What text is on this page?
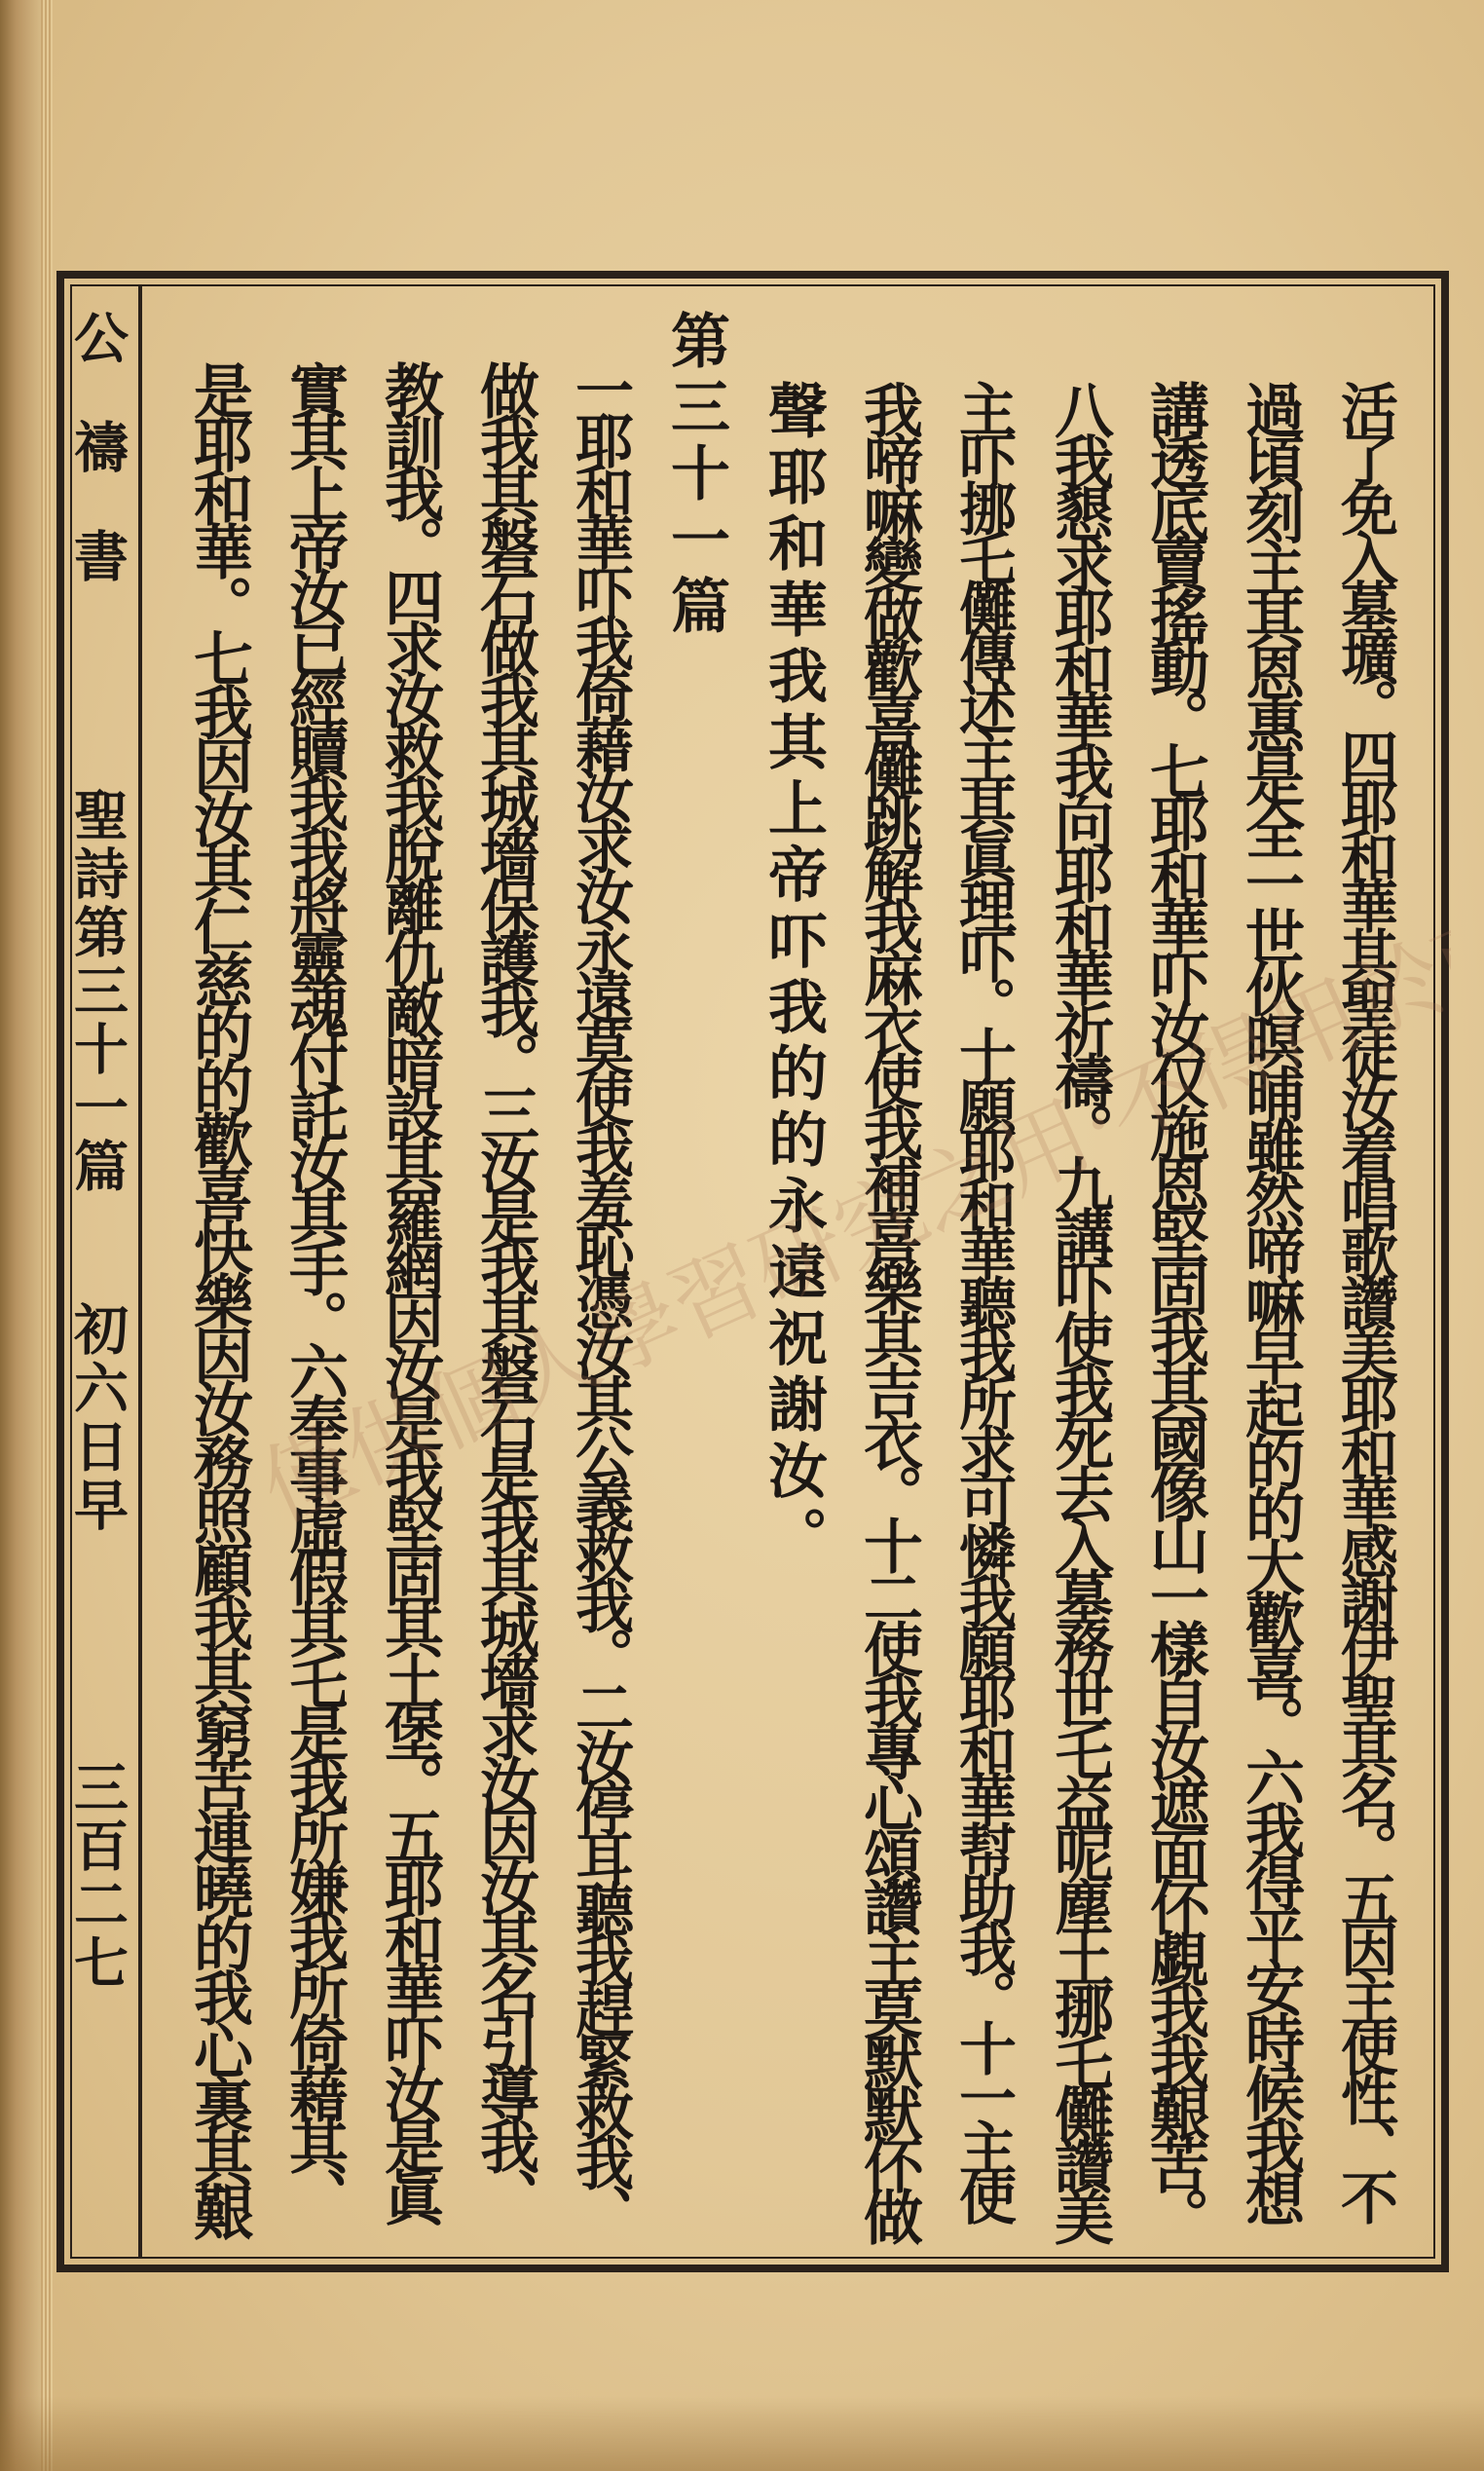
公禱書
聖詩第三十一篇
初六日早
三百二七	活了免入墓壙。四耶和華其聖徒汝着唱歌讚美耶和華感謝伊聖其名。五因主使性、不
過頃刻主其恩惠是全一世伙暝晡雖然啼嘛早起的的大歡喜。六我得平安時候我想
講透底賣搖動。七耶和華吓汝仅施恩堅固我其國像山一樣自汝遮面伓覷我我艱苦。
八我懇求耶和華我向耶和華祈禱。九講吓使我死去入墓務世乇益呢塵土挪乇儺讚美
主吓挪乇儺傳述主其眞理吓。十願耶和華聽我所求可憐我願耶和華幇助我。十一主使
我啼嘛變做歡喜儺跳解我麻衣使我補喜樂其吉衣。十二使我專心頌讚主莫默默伓做
聲耶和華我其上帝吓我的的永遠祝謝汝。
第三十一篇
一耶和華吓我倚藉汝求汝永遠莫使我羞恥憑汝其公義救我。二汝停耳聽我趕緊救我、
做我其磐石做我其城墻保護我。三汝是我其磐石是我其城墻求汝因汝其名引導我、
教訓我。四求汝救我脫離仇敵暗設其羅網因汝是我堅固其土堡。五耶和華吓汝是眞
實其上帝汝已經贖我我將靈魂付託汝其手。六奉事虛假其乇是我所嫌我所倚藉其、
是耶和華。七我因汝其仁慈的的歡喜快樂因汝務照顧我其窮苦連曉的我心裏其艱
